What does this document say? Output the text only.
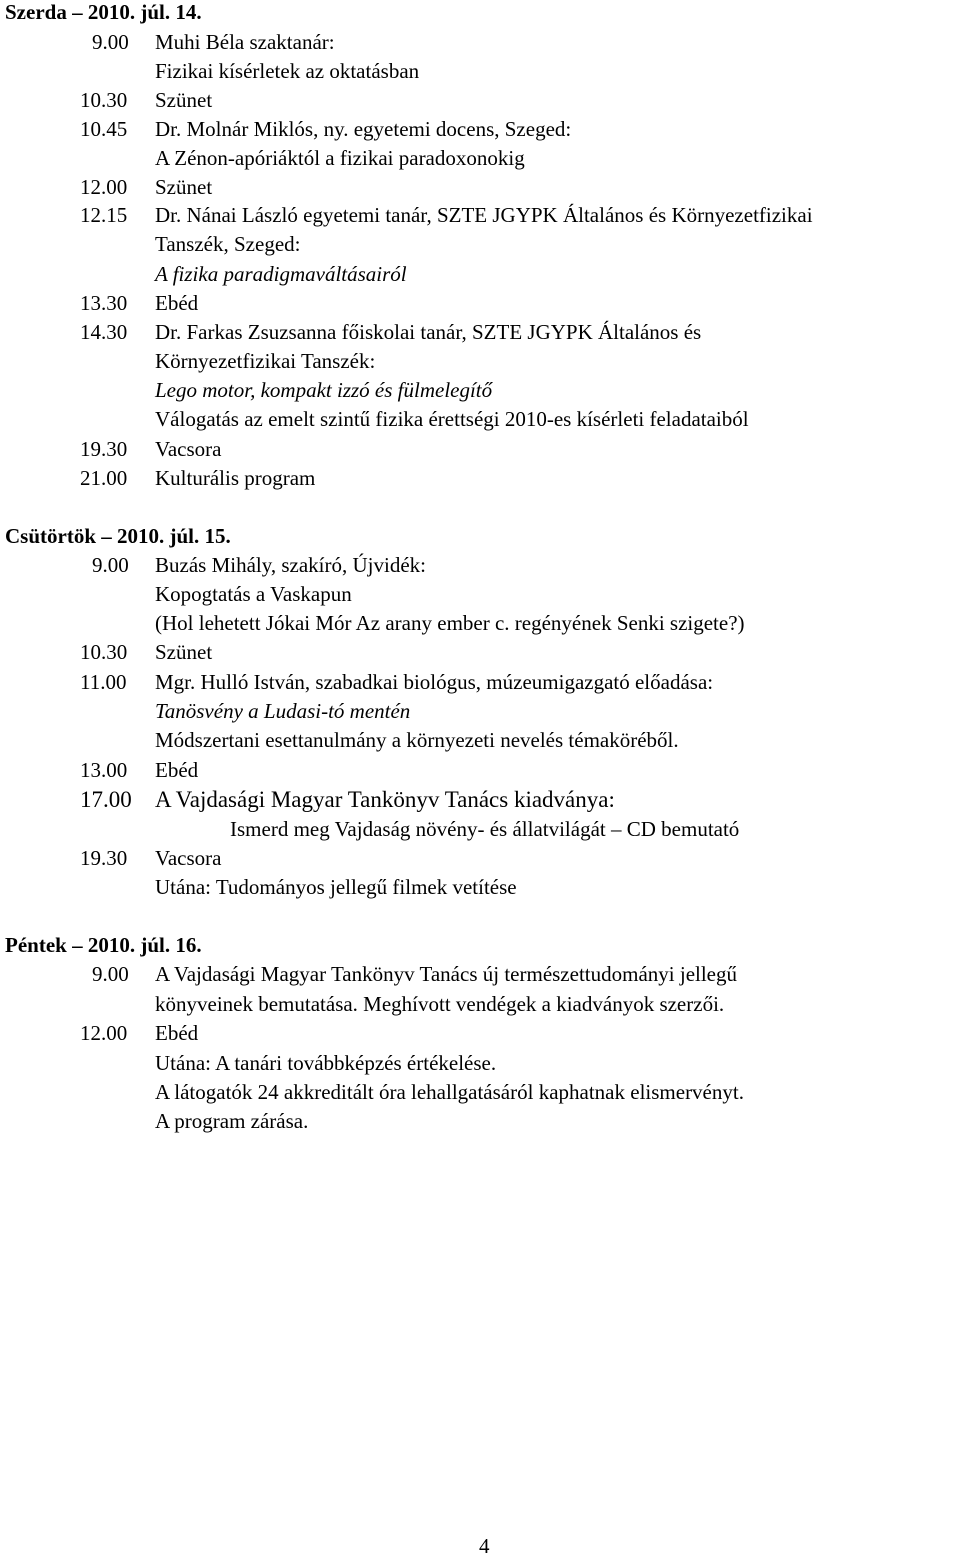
Szerda – 2010. júl. 14.
9.00 Muhi Béla szaktanár:
Fizikai kísérletek az oktatásban
10.30 Szünet
10.45 Dr. Molnár Miklós, ny. egyetemi docens, Szeged:
A Zénon-apóriáktól a fizikai paradoxonokig
12.00 Szünet
12.15 Dr. Nánai László egyetemi tanár, SZTE JGYPK Általános és Környezetfizikai
Tanszék, Szeged:
A fizika paradigmaváltásairól
13.30 Ebéd
14.30 Dr. Farkas Zsuzsanna főiskolai tanár, SZTE JGYPK Általános és
Környezetfizikai Tanszék:
Lego motor, kompakt izzó és fülmelegítő
Válogatás az emelt szintű fizika érettségi 2010-es kísérleti feladataiból
19.30 Vacsora
21.00 Kulturális program
Csütörtök – 2010. júl. 15.
9.00 Buzás Mihály, szakíró, Újvidék:
Kopogtatás a Vaskapun
(Hol lehetett Jókai Mór Az arany ember c. regényének Senki szigete?)
10.30 Szünet
11.00 Mgr. Hulló István, szabadkai biológus, múzeumigazgató előadása:
Tanösvény a Ludasi-tó mentén
Módszertani esettanulmány a környezeti nevelés témaköréből.
13.00 Ebéd
17.00 A Vajdasági Magyar Tankönyv Tanács kiadványa:
Ismerd meg Vajdaság növény- és állatvilágát – CD bemutató
19.30 Vacsora
Utána: Tudományos jellegű filmek vetítése
Péntek – 2010. júl. 16.
9.00 A Vajdasági Magyar Tankönyv Tanács új természettudományi jellegű
könyveinek bemutatása. Meghívott vendégek a kiadványok szerzői.
12.00 Ebéd
Utána: A tanári továbbképzés értékelése.
A látogatók 24 akkreditált óra lehallgatásáról kaphatnak elismervényt.
A program zárása.
4
